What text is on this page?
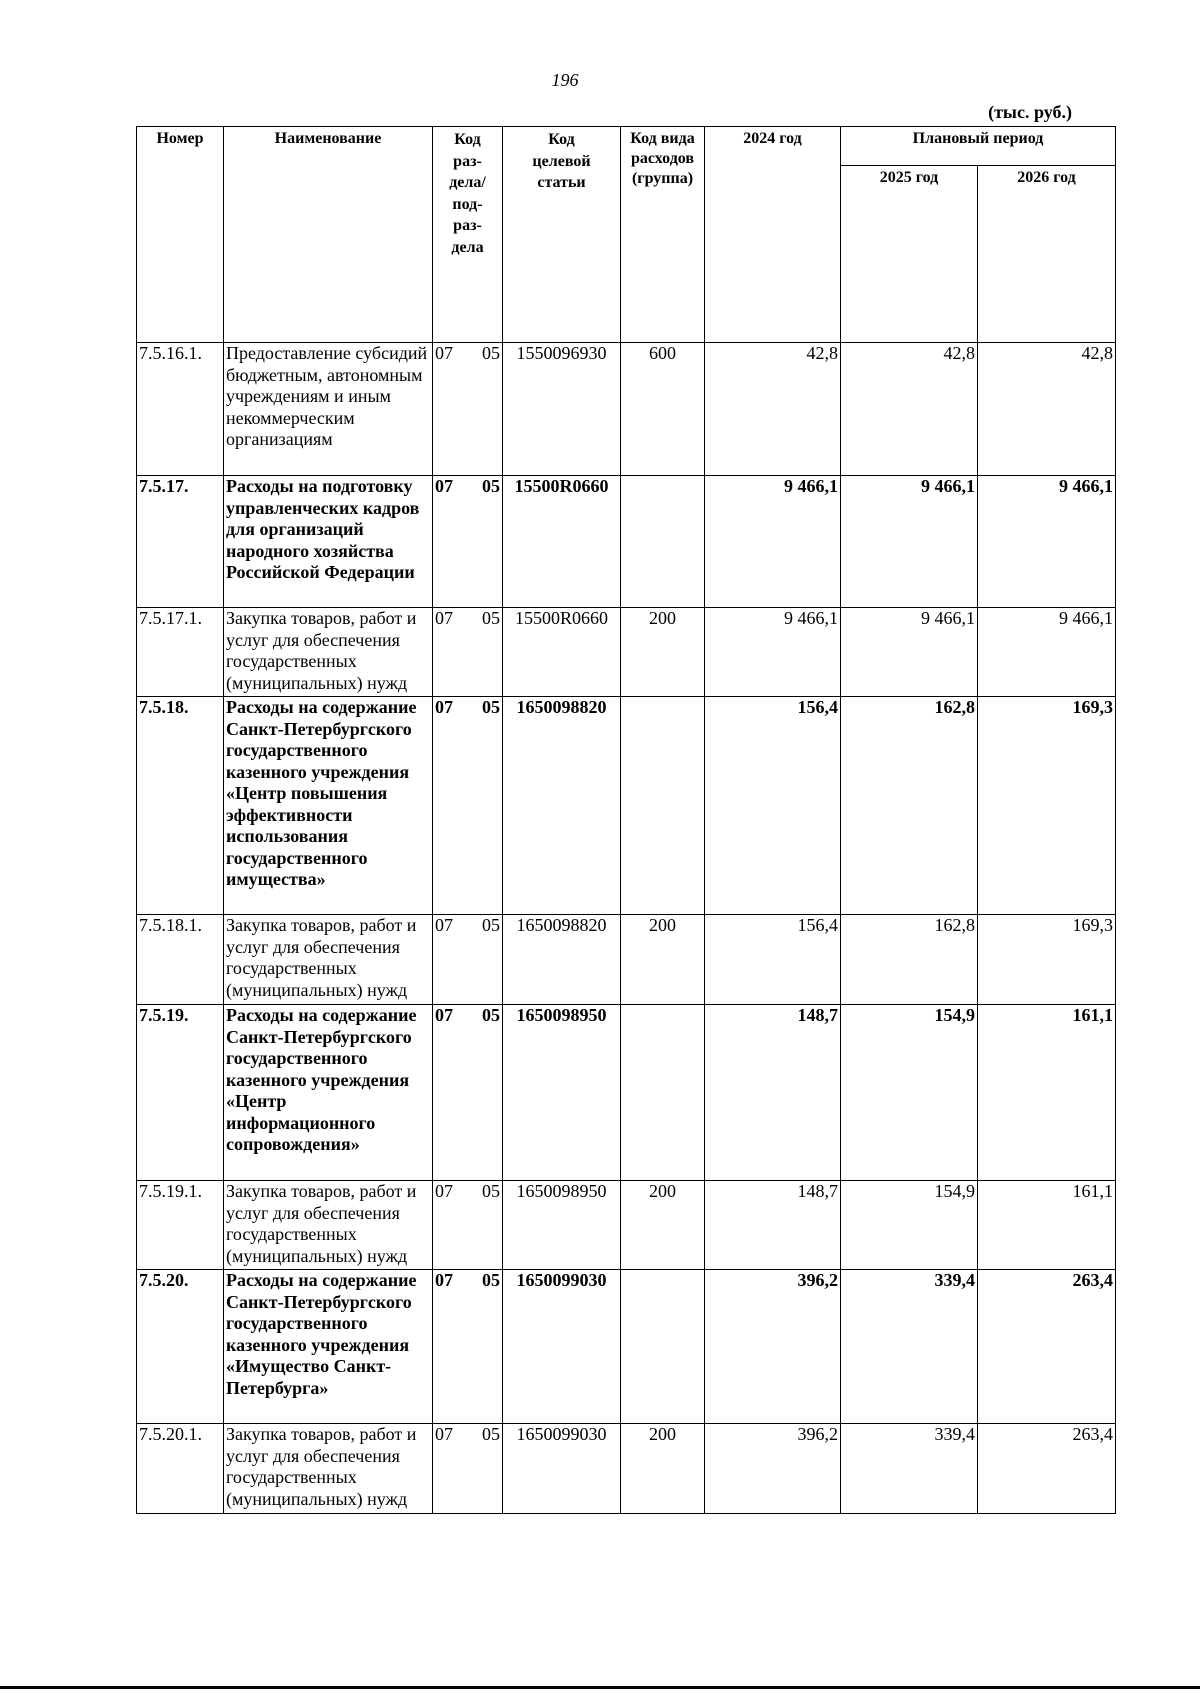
196
(тыс. руб.)
Номер	Наименование	Код раз-дела/ под-раз-дела	Код целевой статьи	Код вида расходов (группа)	2024 год	Плановый период	
						2025 год	2026 год
7.5.16.1.	Предоставление субсидий бюджетным, автономным учреждениям и иным некоммерческим организациям	07 05	1550096930	600	42,8	42,8	42,8
7.5.17.	Расходы на подготовку управленческих кадров для организаций народного хозяйства Российской Федерации	07 05	15500R0660		9 466,1	9 466,1	9 466,1
7.5.17.1.	Закупка товаров, работ и услуг для обеспечения государственных (муниципальных) нужд	07 05	15500R0660	200	9 466,1	9 466,1	9 466,1
7.5.18.	Расходы на содержание Санкт-Петербургского государственного казенного учреждения «Центр повышения эффективности использования государственного имущества»	07 05	1650098820		156,4	162,8	169,3
7.5.18.1.	Закупка товаров, работ и услуг для обеспечения государственных (муниципальных) нужд	07 05	1650098820	200	156,4	162,8	169,3
7.5.19.	Расходы на содержание Санкт-Петербургского государственного казенного учреждения «Центр информационного сопровождения»	07 05	1650098950		148,7	154,9	161,1
7.5.19.1.	Закупка товаров, работ и услуг для обеспечения государственных (муниципальных) нужд	07 05	1650098950	200	148,7	154,9	161,1
7.5.20.	Расходы на содержание Санкт-Петербургского государственного казенного учреждения «Имущество Санкт-Петербурга»	07 05	1650099030		396,2	339,4	263,4
7.5.20.1.	Закупка товаров, работ и услуг для обеспечения государственных (муниципальных) нужд	07 05	1650099030	200	396,2	339,4	263,4
